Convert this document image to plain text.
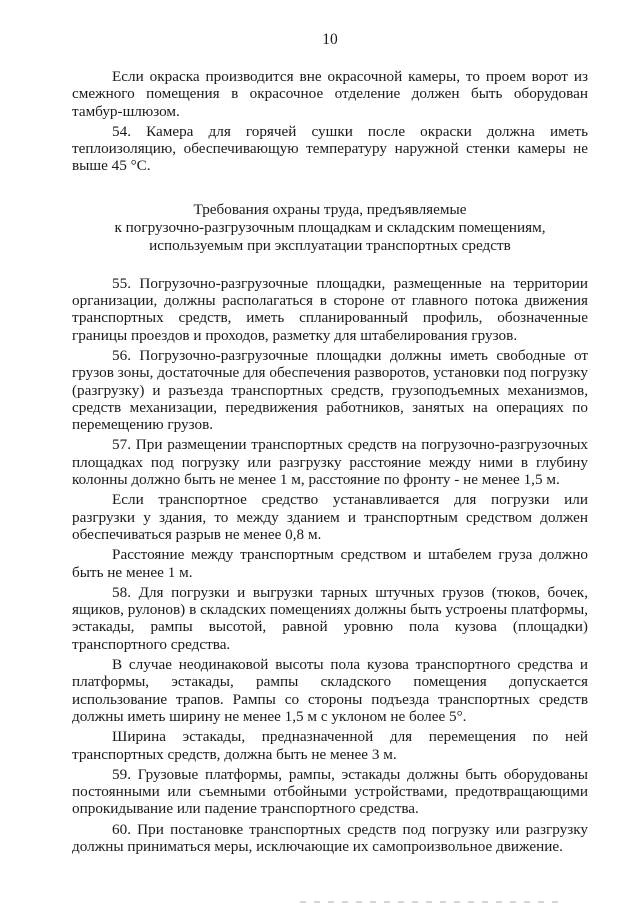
10

Если окраска производится вне окрасочной камеры, то проем ворот из смежного помещения в окрасочное отделение должен быть оборудован тамбур-шлюзом.

54. Камера для горячей сушки после окраски должна иметь теплоизоляцию, обеспечивающую температуру наружной стенки камеры не выше 45 °С.

Требования охраны труда, предъявляемые
к погрузочно-разгрузочным площадкам и складским помещениям,
используемым при эксплуатации транспортных средств

55. Погрузочно-разгрузочные площадки, размещенные на территории организации, должны располагаться в стороне от главного потока движения транспортных средств, иметь спланированный профиль, обозначенные границы проездов и проходов, разметку для штабелирования грузов.

56. Погрузочно-разгрузочные площадки должны иметь свободные от грузов зоны, достаточные для обеспечения разворотов, установки под погрузку (разгрузку) и разъезда транспортных средств, грузоподъемных механизмов, средств механизации, передвижения работников, занятых на операциях по перемещению грузов.

57. При размещении транспортных средств на погрузочно-разгрузочных площадках под погрузку или разгрузку расстояние между ними в глубину колонны должно быть не менее 1 м, расстояние по фронту - не менее 1,5 м.

Если транспортное средство устанавливается для погрузки или разгрузки у здания, то между зданием и транспортным средством должен обеспечиваться разрыв не менее 0,8 м.

Расстояние между транспортным средством и штабелем груза должно быть не менее 1 м.

58. Для погрузки и выгрузки тарных штучных грузов (тюков, бочек, ящиков, рулонов) в складских помещениях должны быть устроены платформы, эстакады, рампы высотой, равной уровню пола кузова (площадки) транспортного средства.

В случае неодинаковой высоты пола кузова транспортного средства и платформы, эстакады, рампы складского помещения допускается использование трапов. Рампы со стороны подъезда транспортных средств должны иметь ширину не менее 1,5 м с уклоном не более 5°.

Ширина эстакады, предназначенной для перемещения по ней транспортных средств, должна быть не менее 3 м.

59. Грузовые платформы, рампы, эстакады должны быть оборудованы постоянными или съемными отбойными устройствами, предотвращающими опрокидывание или падение транспортного средства.

60. При постановке транспортных средств под погрузку или разгрузку должны приниматься меры, исключающие их самопроизвольное движение.
